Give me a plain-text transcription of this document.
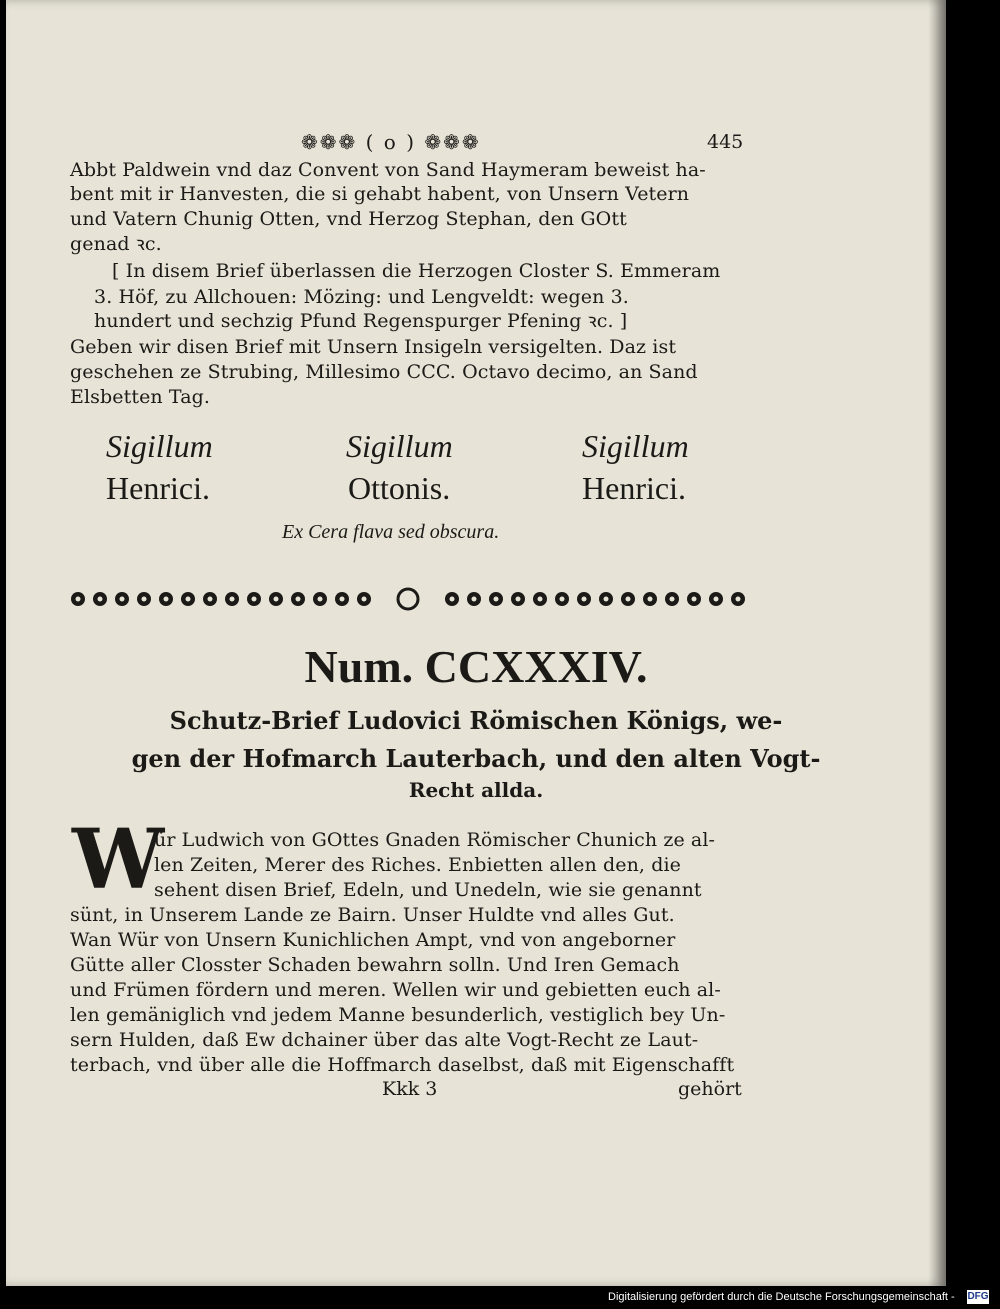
❁❁❁ ( o ) ❁❁❁	445
Abbt Paldwein vnd daz Convent von Sand Haymeram beweist ha-
bent mit ir Hanvesten, die si gehabt habent, von Unsern Vetern
und Vatern Chunig Otten, vnd Herzog Stephan, den GOtt
genad ꝛc.
[ In disem Brief überlassen die Herzogen Closter S. Emmeram
3. Höf, zu Allchouen: Mözing: und Lengveldt: wegen 3.
hundert und sechzig Pfund Regenspurger Pfening ꝛc. ]
Geben wir disen Brief mit Unsern Insigeln versigelten. Daz ist
geschehen ze Strubing, Millesimo CCC. Octavo decimo, an Sand
Elsbetten Tag.
Sigillum
Henrici.
Sigillum
Ottonis.
Sigillum
Henrici.
Ex Cera flava sed obscura.
Num. CCXXXIV.
Schutz-Brief Ludovici Römischen Königs, we-
gen der Hofmarch Lauterbach, und den alten Vogt-
Recht allda.
W
ür Ludwich von GOttes Gnaden Römischer Chunich ze al-
len Zeiten, Merer des Riches. Enbietten allen den, die
sehent disen Brief, Edeln, und Unedeln, wie sie genannt
sünt, in Unserem Lande ze Bairn. Unser Huldte vnd alles Gut.
Wan Wür von Unsern Kunichlichen Ampt, vnd von angeborner
Gütte aller Closster Schaden bewahrn solln. Und Iren Gemach
und Frümen fördern und meren. Wellen wir und gebietten euch al-
len gemäniglich vnd jedem Manne besunderlich, vestiglich bey Un-
sern Hulden, daß Ew dchainer über das alte Vogt-Recht ze Laut-
terbach, vnd über alle die Hoffmarch daselbst, daß mit Eigenschafft
Kkk 3	gehört
Digitalisierung gefördert durch die Deutsche Forschungsgemeinschaft - DFG
